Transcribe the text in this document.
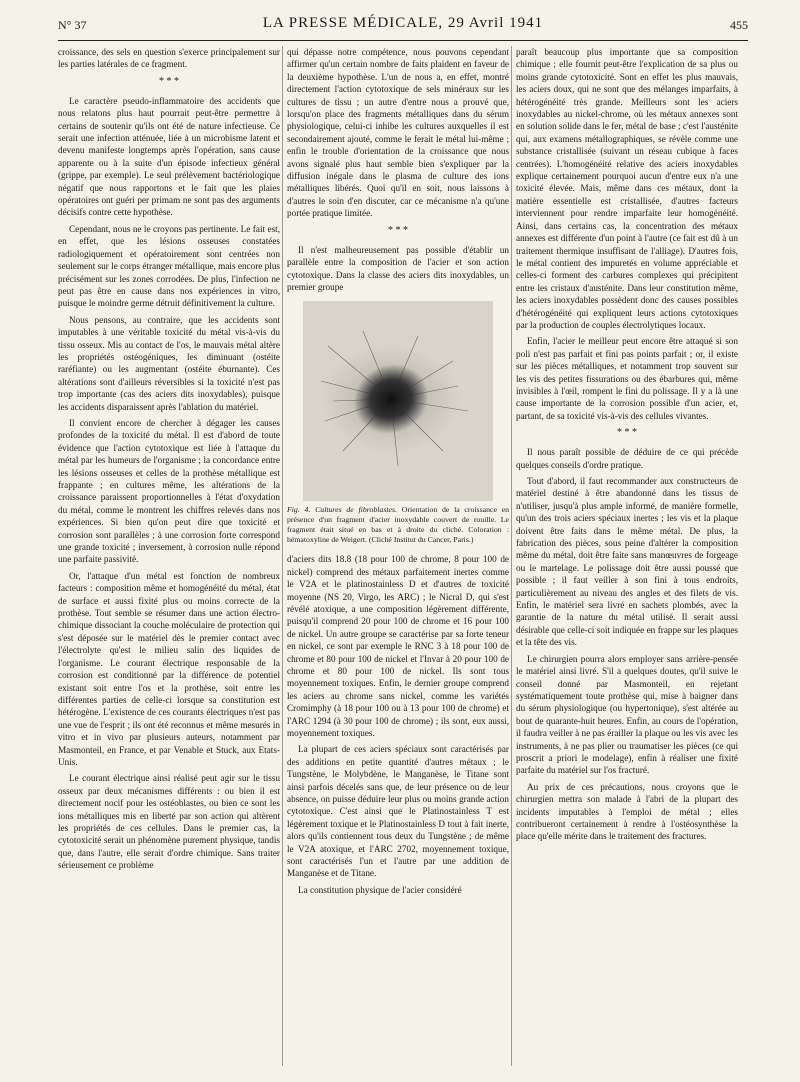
N° 37	LA PRESSE MÉDICALE, 29 Avril 1941	455

croissance, des sels en question s'exerce principalement sur les parties latérales de ce fragment.

* * *

Le caractère pseudo-inflammatoire des accidents que nous relatons plus haut pourrait peut-être permettre à certains de soutenir qu'ils ont été de nature infectieuse. Ce serait une infection atténuée, liée à un microbisme latent et devenu manifeste longtemps après l'opération, sans cause apparente ou à la suite d'un épisode infectieux général (grippe, par exemple). Le seul prélèvement bactériologique négatif que nous rapportons et le fait que les plaies opératoires ont guéri per primam ne sont pas des arguments décisifs contre cette hypothèse.

Cependant, nous ne le croyons pas pertinente. Le fait est, en effet, que les lésions osseuses constatées radiologiquement et opératoirement sont centrées non seulement sur le corps étranger métallique, mais encore plus précisément sur les zones corrodées. De plus, l'infection ne peut pas être en cause dans nos expériences in vitro, puisque le moindre germe détruit définitivement la culture.

Nous pensons, au contraire, que les accidents sont imputables à une véritable toxicité du métal vis-à-vis du tissu osseux. Mis au contact de l'os, le mauvais métal altère les propriétés ostéogéniques, les diminuant (ostéite raréfiante) ou les augmentant (ostéite éburnante). Ces altérations sont d'ailleurs réversibles si la toxicité n'est pas trop importante (cas des aciers dits inoxydables), puisque les accidents disparaissent après l'ablation du matériel.

Il convient encore de chercher à dégager les causes profondes de la toxicité du métal. Il est d'abord de toute évidence que l'action cytotoxique est liée à l'attaque du métal par les humeurs de l'organisme ; la concordance entre les lésions osseuses et celles de la prothèse métallique est frappante ; en cultures même, les altérations de la croissance paraissent proportionnelles à l'état d'oxydation du métal, comme le montrent les chiffres relevés dans nos expériences. Si bien qu'on peut dire que toxicité et corrosion sont parallèles ; à une corrosion forte correspond une grande toxicité ; inversement, à corrosion nulle répond une parfaite passivité.

Or, l'attaque d'un métal est fonction de nombreux facteurs : composition même et homogénéité du métal, état de surface et aussi fixité plus ou moins correcte de la prothèse. Tout semble se résumer dans une action électro-chimique dissociant la couche moléculaire de protection qui s'est déposée sur le matériel dès le premier contact avec l'électrolyte qu'est le milieu salin des liquides de l'organisme. Le courant électrique responsable de la corrosion est conditionné par la différence de potentiel existant soit entre l'os et la prothèse, soit entre les différentes parties de celle-ci lorsque sa constitution est hétérogène. L'existence de ces courants électriques n'est pas une vue de l'esprit ; ils ont été reconnus et même mesurés in vitro et in vivo par plusieurs auteurs, notamment par Masmonteil, en France, et par Venable et Stuck, aux Etats-Unis.

Le courant électrique ainsi réalisé peut agir sur le tissu osseux par deux mécanismes différents : ou bien il est directement nocif pour les ostéoblastes, ou bien ce sont les ions métalliques mis en liberté par son action qui altèrent les propriétés de ces cellules. Dans le premier cas, la cytotoxicité serait un phénomène purement physique, tandis que, dans l'autre, elle serait d'ordre chimique. Sans traiter sérieusement ce problème

qui dépasse notre compétence, nous pouvons cependant affirmer qu'un certain nombre de faits plaident en faveur de la deuxième hypothèse. L'un de nous a, en effet, montré directement l'action cytotoxique de sels minéraux sur les cultures de tissu ; un autre d'entre nous a prouvé que, lorsqu'on place des fragments métalliques dans du sérum physiologique, celui-ci inhibe les cultures auxquelles il est secondairement ajouté, comme le ferait le métal lui-même ; enfin le trouble d'orientation de la croissance que nous avons signalé plus haut semble bien s'expliquer par la diffusion inégale dans le plasma de culture des ions métalliques libérés. Quoi qu'il en soit, nous laissons à d'autres le soin d'en discuter, car ce mécanisme n'a qu'une portée pratique limitée.

* * *

Il n'est malheureusement pas possible d'établir un parallèle entre la composition de l'acier et son action cytotoxique. Dans la classe des aciers dits inoxydables, un premier groupe

Fig. 4. Cultures de fibroblastes. Orientation de la croissance en présence d'un fragment d'acier inoxydable couvert de rouille. Le fragment était situé en bas et à droite du cliché. Coloration : hématoxyline de Weigert. (Cliché Institut du Cancer, Paris.)

d'aciers dits 18.8 (18 pour 100 de chrome, 8 pour 100 de nickel) comprend des métaux parfaitement inertes comme le V2A et le platinostainless D et d'autres de toxicité moyenne (NS 20, Virgo, les ARC) ; le Nicral D, qui s'est révélé atoxique, a une composition légèrement différente, puisqu'il comprend 20 pour 100 de chrome et 16 pour 100 de nickel. Un autre groupe se caractérise par sa forte teneur en nickel, ce sont par exemple le RNC 3 à 18 pour 100 de chrome et 80 pour 100 de nickel et l'Invar à 20 pour 100 de chrome et 80 pour 100 de nickel. Ils sont tous moyennement toxiques. Enfin, le dernier groupe comprend les aciers au chrome sans nickel, comme les variétés Cromimphy (à 18 pour 100 ou à 13 pour 100 de chrome) et l'ARC 1294 (à 30 pour 100 de chrome) ; ils sont, eux aussi, moyennement toxiques.

La plupart de ces aciers spéciaux sont caractérisés par des additions en petite quantité d'autres métaux ; le Tungstène, le Molybdène, le Manganèse, le Titane sont ainsi parfois décelés sans que, de leur présence ou de leur absence, on puisse déduire leur plus ou moins grande action cytotoxique. C'est ainsi que le Platinostainless T est légèrement toxique et le Platinostainless D tout à fait inerte, alors qu'ils contiennent tous deux du Tungstène ; de même le V2A atoxique, et l'ARC 2702, moyennement toxique, sont caractérisés l'un et l'autre par une addition de Manganèse et de Titane.

La constitution physique de l'acier considéré

paraît beaucoup plus importante que sa composition chimique ; elle fournit peut-être l'explication de sa plus ou moins grande cytotoxicité. Sont en effet les plus mauvais, les aciers doux, qui ne sont que des mélanges imparfaits, à hétérogénéité très grande. Meilleurs sont les aciers inoxydables au nickel-chrome, où les métaux annexes sont en solution solide dans le fer, métal de base ; c'est l'austénite qui, aux examens métallographiques, se révèle comme une substance cristallisée (suivant un réseau cubique à faces centrées). L'homogénéité relative des aciers inoxydables explique certainement pourquoi aucun d'entre eux n'a une toxicité élevée. Mais, même dans ces métaux, dont la matière essentielle est cristallisée, d'autres facteurs interviennent pour rendre imparfaite leur homogénéité. Ainsi, dans certains cas, la concentration des métaux annexes est différente d'un point à l'autre (ce fait est dû à un traitement thermique insuffisant de l'alliage). D'autres fois, le métal contient des impuretés en volume appréciable et celles-ci forment des carbures complexes qui précipitent entre les cristaux d'austénite. Dans leur constitution même, les aciers inoxydables possèdent donc des causes possibles d'hétérogénéité qui expliquent leurs actions cytotoxiques par la production de couples électrolytiques locaux.

Enfin, l'acier le meilleur peut encore être attaqué si son poli n'est pas parfait et fini pas points parfait ; or, il existe sur les pièces métalliques, et notamment trop souvent sur les vis des petites fissurations ou des ébarbures qui, même invisibles à l'œil, rompent le fini du polissage. Il y a là une cause importante de la corrosion possible d'un acier, et, partant, de sa toxicité vis-à-vis des cellules vivantes.

* * *

Il nous paraît possible de déduire de ce qui précède quelques conseils d'ordre pratique.

Tout d'abord, il faut recommander aux constructeurs de matériel destiné à être abandonné dans les tissus de n'utiliser, jusqu'à plus ample informé, de manière formelle, qu'un des trois aciers spéciaux inertes ; les vis et la plaque doivent être faits dans le même métal. De plus, la fabrication des pièces, sous peine d'altérer la composition même du métal, doit être faite sans manœuvres de forgeage ou le martelage. Le polissage doit être aussi poussé que possible ; il faut veiller à son fini à tous endroits, particulièrement au niveau des angles et des filets de vis. Enfin, le matériel sera livré en sachets plombés, avec la garantie de la nature du métal utilisé. Il serait aussi désirable que celle-ci soit indiquée en frappe sur les plaques et la tête des vis.

Le chirurgien pourra alors employer sans arrière-pensée le matériel ainsi livré. S'il a quelques doutes, qu'il suive le conseil donné par Masmonteil, en rejetant systématiquement toute prothèse qui, mise à baigner dans du sérum physiologique (ou hypertonique), s'est altérée au bout de quarante-huit heures. Enfin, au cours de l'opération, il faudra veiller à ne pas érailler la plaque ou les vis avec les instruments, à ne pas plier ou traumatiser les pièces (ce qui proscrit a priori le modelage), enfin à réaliser une fixité parfaite du matériel sur l'os fracturé.

Au prix de ces précautions, nous croyons que le chirurgien mettra son malade à l'abri de la plupart des incidents imputables à l'emploi de métal ; elles contribueront certainement à rendre à l'ostéosynthèse la place qu'elle mérite dans le traitement des fractures.
